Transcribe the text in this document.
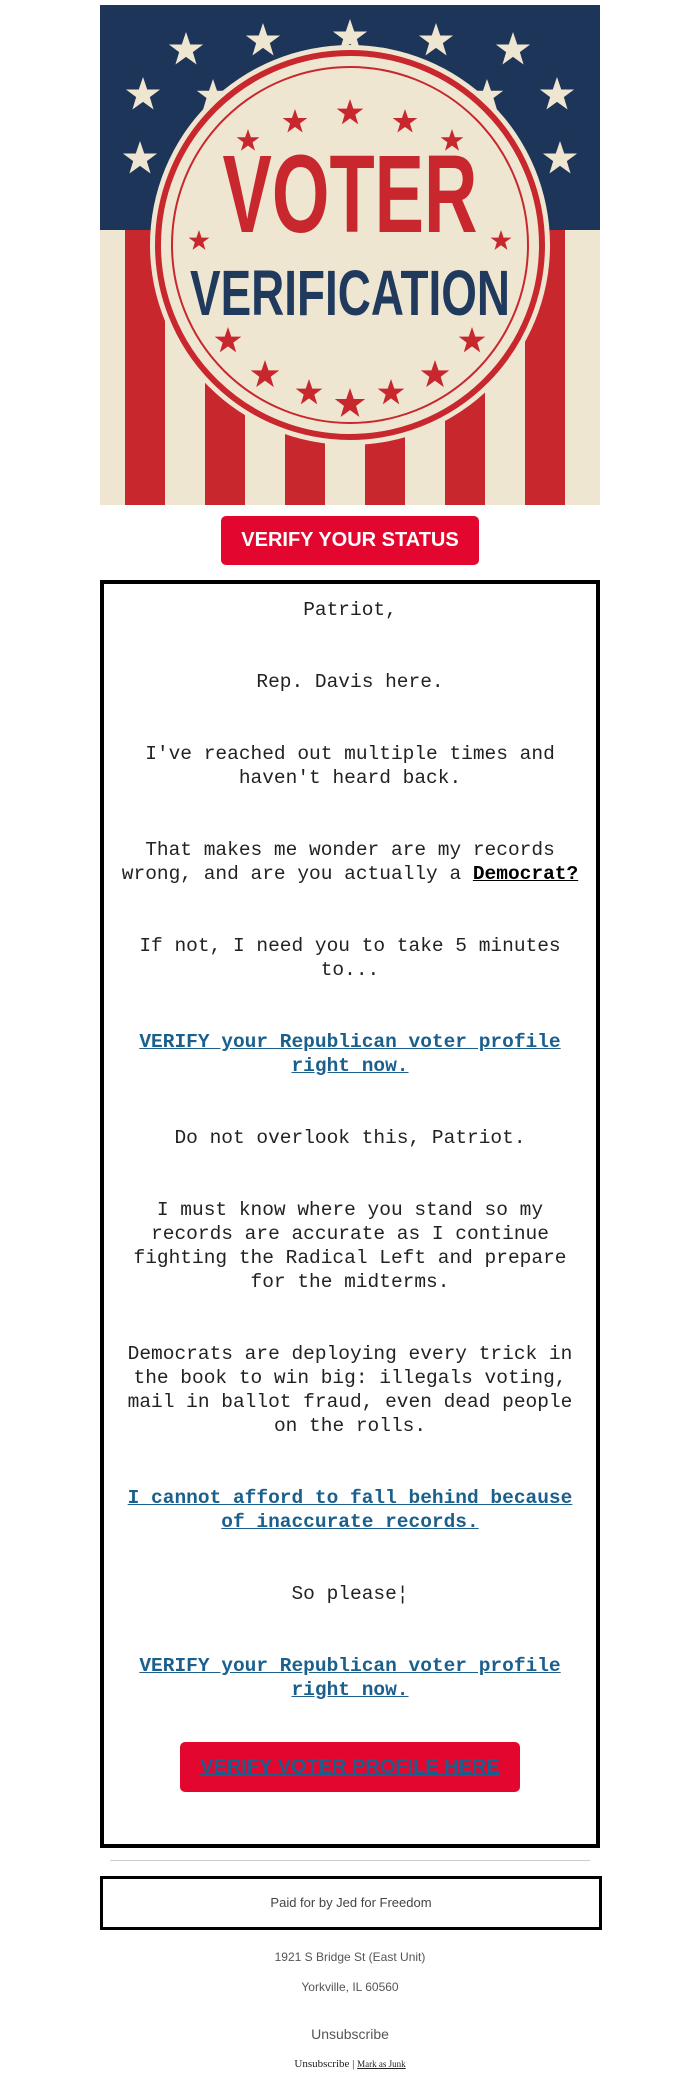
VOTER
VERIFICATION
VERIFY YOUR STATUS

Patriot,

Rep. Davis here.

I've reached out multiple times and haven't heard back.

That makes me wonder are my records wrong, and are you actually a Democrat?

If not, I need you to take 5 minutes to...

VERIFY your Republican voter profile right now.

Do not overlook this, Patriot.

I must know where you stand so my records are accurate as I continue fighting the Radical Left and prepare for the midterms.

Democrats are deploying every trick in the book to win big: illegals voting, mail in ballot fraud, even dead people on the rolls.

I cannot afford to fall behind because of inaccurate records.

So please¦

VERIFY your Republican voter profile right now.

VERIFY VOTER PROFILE HERE
Paid for by Jed for Freedom
1921 S Bridge St (East Unit)
Yorkville, IL 60560
Unsubscribe
Unsubscribe | Mark as Junk
